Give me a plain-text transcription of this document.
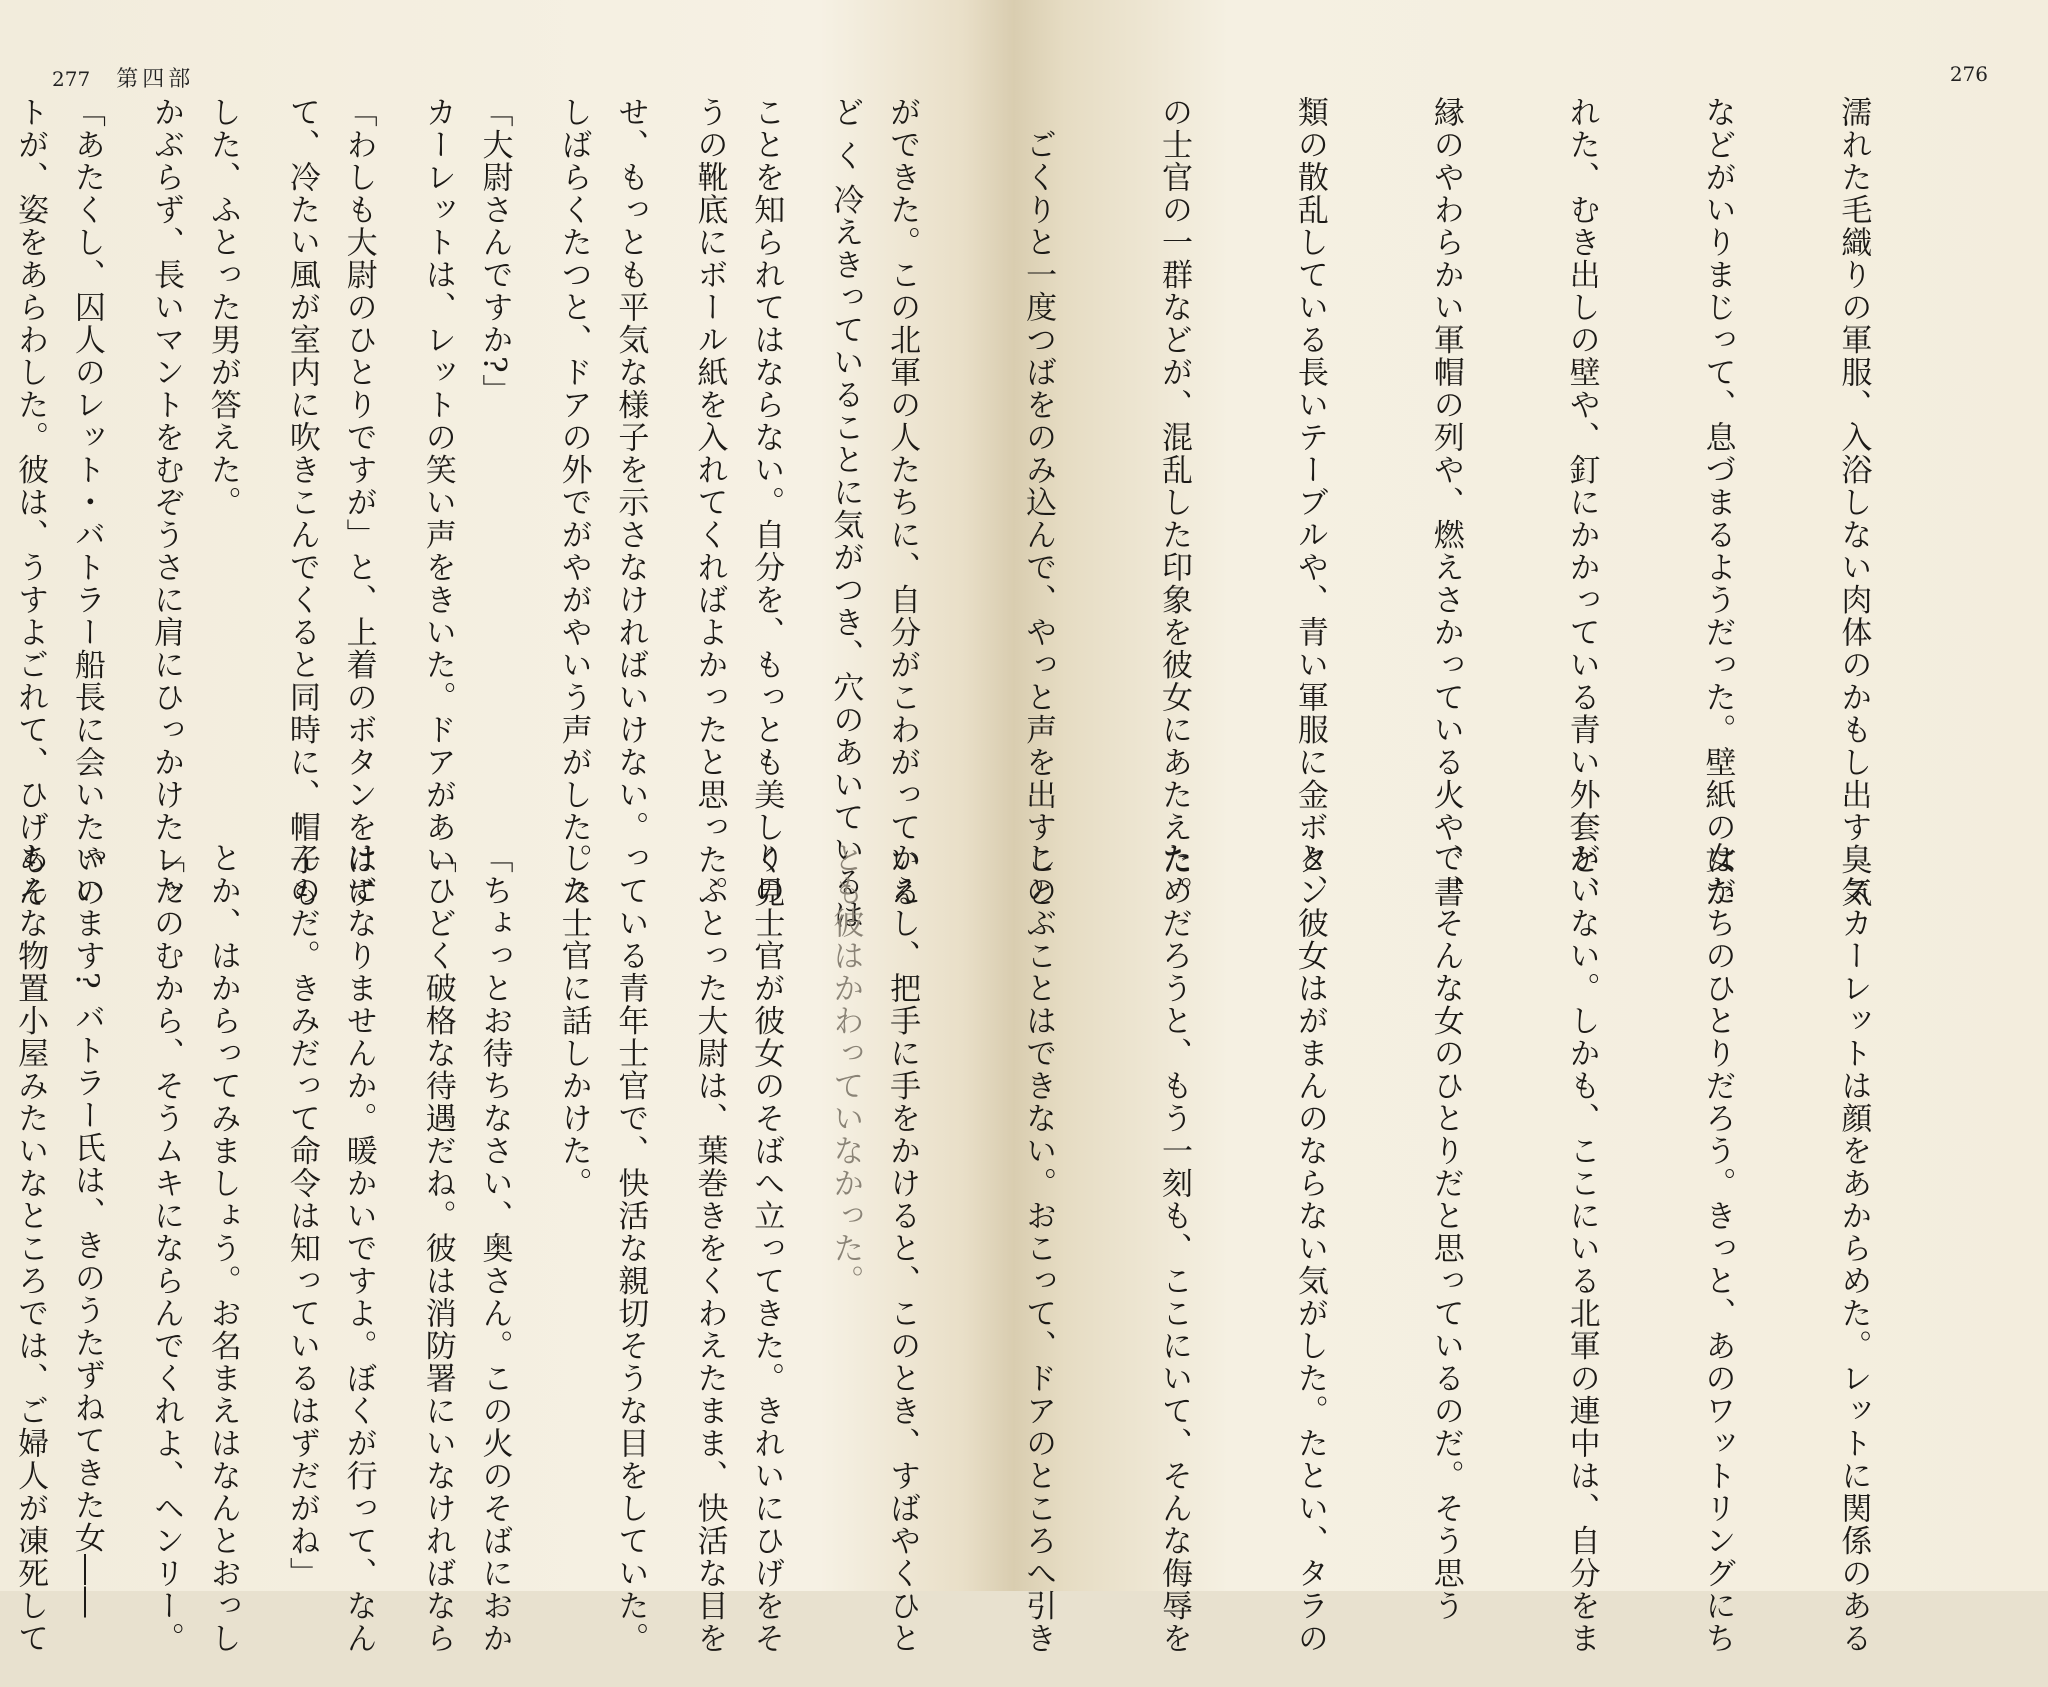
277 第四部

ど く 冷えきっていることに気がつき、穴のあいているは

うの靴底にボール紙を入れてくればよかったと思った。

しばらくたつと、ドアの外でがやがやいう声がした。ス

カーレットは、レットの笑い声をきいた。ドアがあい

て、冷たい風が室内に吹きこんでくると同時に、帽子も

かぶらず、長いマントをむぞうさに肩にひっかけたレッ

トが、姿をあらわした。彼は、うすよごれて、ひげもそ

とも彼はかわっていなかった。

　ふとった大尉は、葉巻きをくわえたまま、快活な目を

した士官に話しかけた。

「ひどく破格な待遇だね。彼は消防署にいなければなら

んのだ。きみだって命令は知っているはずだがね」

「たのむから、そうムキにならんでくれよ、ヘンリー。

あんな物置小屋みたいなところでは、ご婦人が凍死して

276

濡れた毛織りの軍服、入浴しない肉体のかもし出す臭気

などがいりまじって、息づまるようだった。壁紙のはが

れた、むき出しの壁や、釘にかかっている青い外套と、

縁のやわらかい軍帽の列や、燃えさかっている火や、書

類の散乱している長いテーブルや、青い軍服に金ボタン

の士官の一群などが、混乱した印象を彼女にあたえた。

　ごくりと一度つばをのみ込んで、やっと声を出すこと

ができた。この北軍の人たちに、自分がこわがっている

ことを知られてはならない。自分を、もっとも美しく見

せ、もっとも平気な様子を示さなければいけない。

「大尉さんですか?」

「わしも大尉のひとりですが」と、上着のボタンをはず

した、ふとった男が答えた。

「あたくし、囚人のレット・バトラー船長に会いたいの

　スカーレットは顔をあからめた。レットに関係のある

女たちのひとりだろう。きっと、あのワットリングにち

がいない。しかも、ここにいる北軍の連中は、自分をま

で、そんな女のひとりだと思っているのだ。そう思う

と、彼女はがまんのならない気がした。たとい、タラの

ためだろうと、もう一刻も、ここにいて、そんな侮辱を

しのぶことはできない。おこって、ドアのところへ引き

かえし、把手に手をかけると、このとき、すばやくひと

りの士官が彼女のそばへ立ってきた。きれいにひげをそ

っている青年士官で、快活な親切そうな目をしていた。

「ちょっとお待ちなさい、奥さん。この火のそばにおか

けになりませんか。暖かいですよ。ぼくが行って、なん

とか、はからってみましょう。お名まえはなんとおっし

ゃいます? バトラー氏は、きのうたずねてきた女――
